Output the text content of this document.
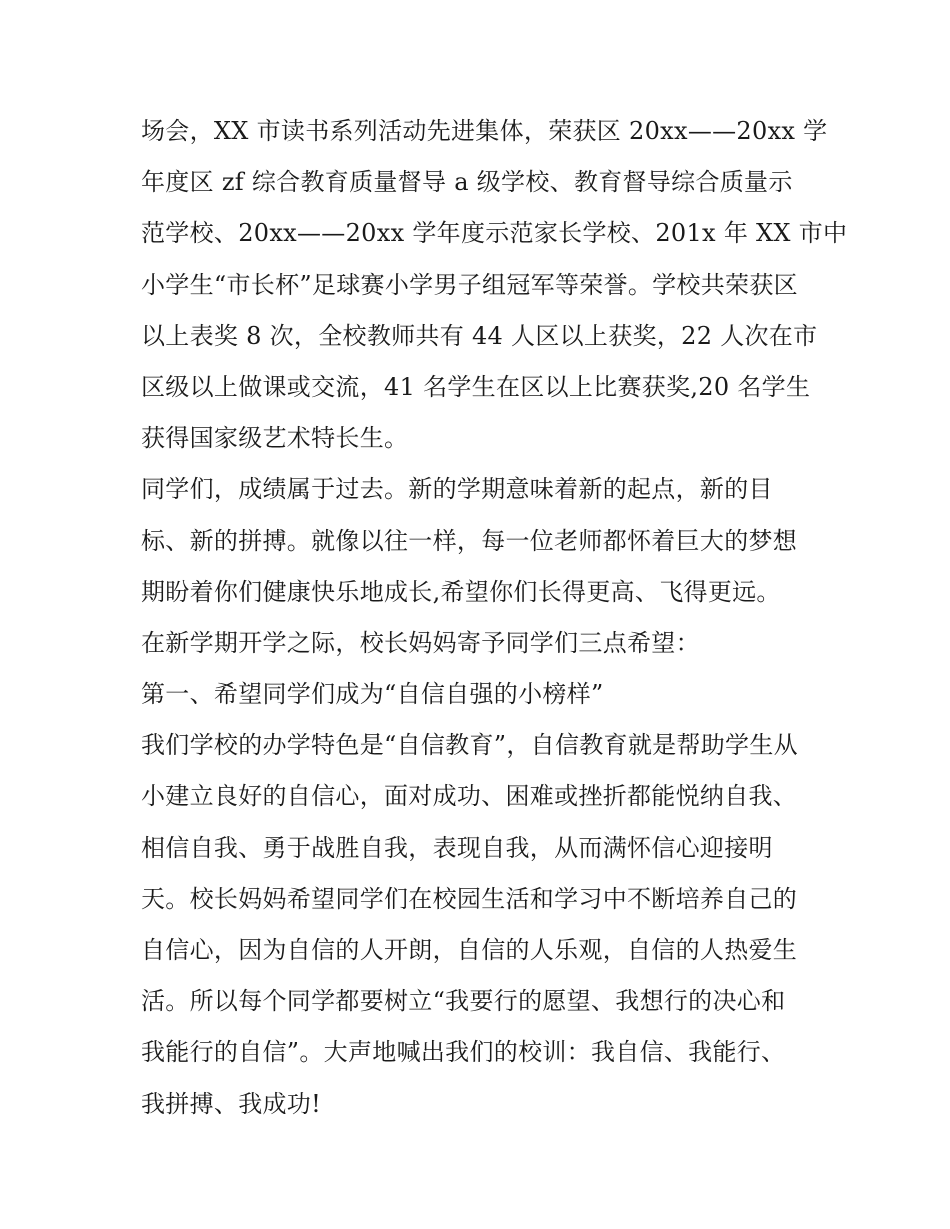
场会，XX 市读书系列活动先进集体，荣获区 20xx——20xx 学
年度区 zf 综合教育质量督导 a 级学校、教育督导综合质量示
范学校、20xx——20xx 学年度示范家长学校、201x 年 XX 市中
小学生“市长杯”足球赛小学男子组冠军等荣誉。学校共荣获区
以上表奖 8 次，全校教师共有 44 人区以上获奖，22 人次在市
区级以上做课或交流，41 名学生在区以上比赛获奖,20 名学生
获得国家级艺术特长生。
同学们，成绩属于过去。新的学期意味着新的起点，新的目
标、新的拼搏。就像以往一样，每一位老师都怀着巨大的梦想
期盼着你们健康快乐地成长,希望你们长得更高、飞得更远。
在新学期开学之际，校长妈妈寄予同学们三点希望：
第一、希望同学们成为“自信自强的小榜样”
我们学校的办学特色是“自信教育”，自信教育就是帮助学生从
小建立良好的自信心，面对成功、困难或挫折都能悦纳自我、
相信自我、勇于战胜自我，表现自我，从而满怀信心迎接明
天。校长妈妈希望同学们在校园生活和学习中不断培养自己的
自信心，因为自信的人开朗，自信的人乐观，自信的人热爱生
活。所以每个同学都要树立“我要行的愿望、我想行的决心和
我能行的自信”。大声地喊出我们的校训：我自信、我能行、
我拼搏、我成功!
